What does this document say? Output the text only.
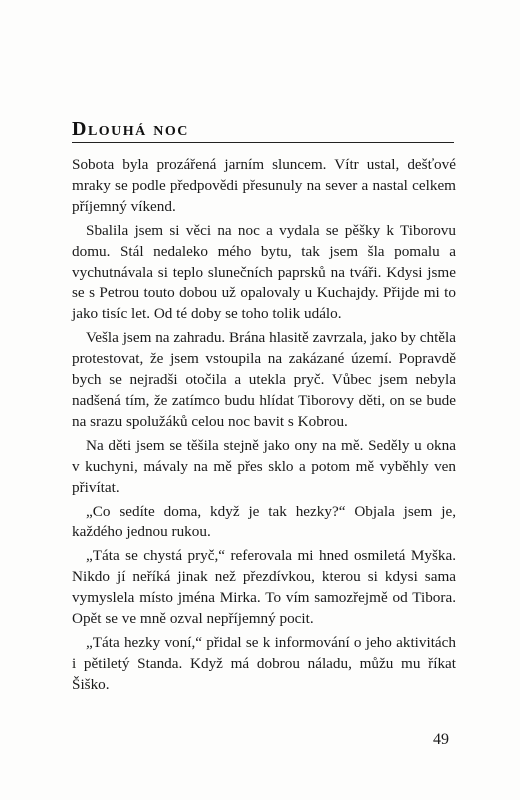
Dlouhá noc

Sobota byla prozářená jarním sluncem. Vítr ustal, dešťové mraky se podle předpovědi přesunuly na sever a nastal celkem příjemný víkend.

Sbalila jsem si věci na noc a vydala se pěšky k Tiborovu domu. Stál nedaleko mého bytu, tak jsem šla pomalu a vychutnávala si teplo slunečních paprsků na tváři. Kdysi jsme se s Petrou touto dobou už opalovaly u Kuchajdy. Přijde mi to jako tisíc let. Od té doby se toho tolik událo.

Vešla jsem na zahradu. Brána hlasitě zavrzala, jako by chtěla protestovat, že jsem vstoupila na zakázané území. Popravdě bych se nejradši otočila a utekla pryč. Vůbec jsem nebyla nadšená tím, že zatímco budu hlídat Tiborovy děti, on se bude na srazu spolužáků celou noc bavit s Kobrou.

Na děti jsem se těšila stejně jako ony na mě. Seděly u okna v kuchyni, mávaly na mě přes sklo a potom mě vyběhly ven přivítat.

„Co sedíte doma, když je tak hezky?“ Objala jsem je, každého jednou rukou.

„Táta se chystá pryč,“ referovala mi hned osmiletá Myška. Nikdo jí neříká jinak než přezdívkou, kterou si kdysi sama vymyslela místo jména Mirka. To vím samozřejmě od Tibora. Opět se ve mně ozval nepříjemný pocit.

„Táta hezky voní,“ přidal se k informování o jeho aktivitách i pětiletý Standa. Když má dobrou náladu, můžu mu říkat Šiško.

49
